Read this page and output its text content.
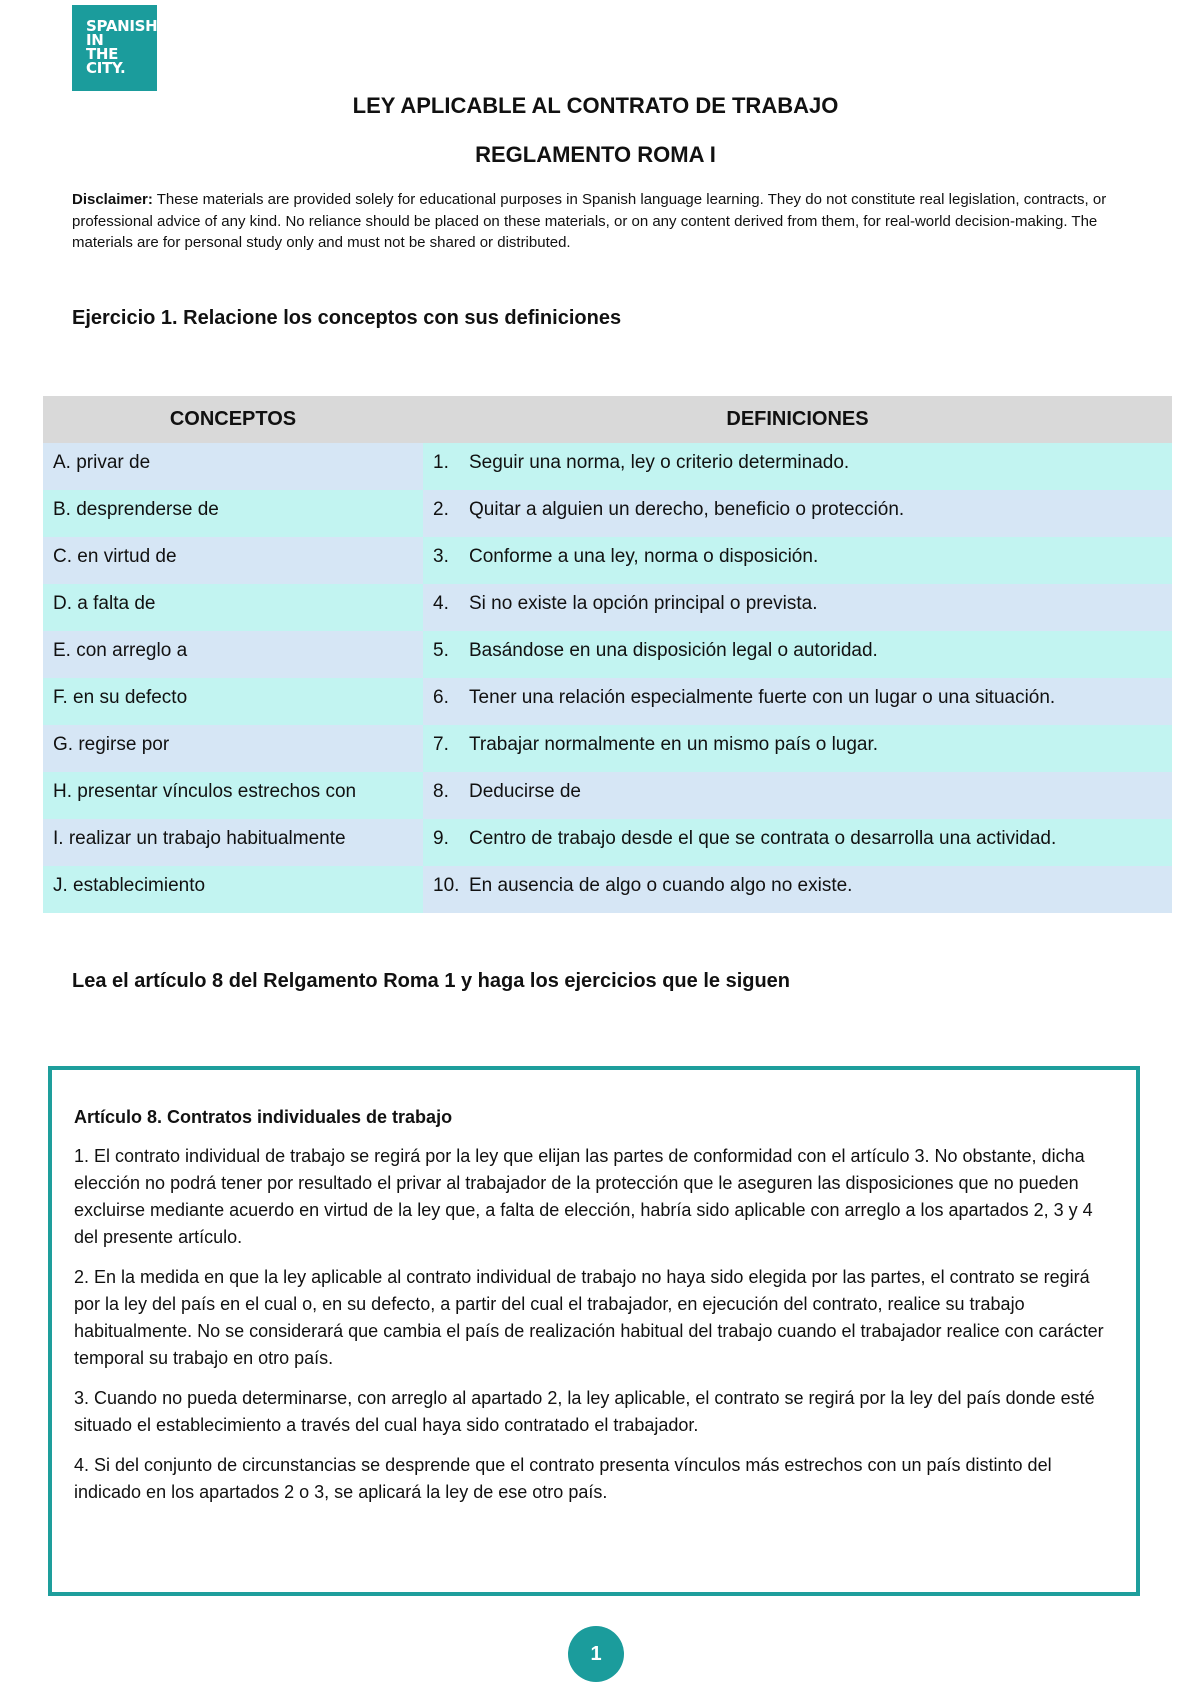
SPANISH
IN
THE
CITY.
LEY APLICABLE AL CONTRATO DE TRABAJO
REGLAMENTO ROMA I
Disclaimer: These materials are provided solely for educational purposes in Spanish language learning. They do not constitute real legislation, contracts, or professional advice of any kind. No reliance should be placed on these materials, or on any content derived from them, for real-world decision-making. The materials are for personal study only and must not be shared or distributed.
Ejercicio 1. Relacione los conceptos con sus definiciones
CONCEPTOS	DEFINICIONES
A. privar de	1. Seguir una norma, ley o criterio determinado.
B. desprenderse de	2. Quitar a alguien un derecho, beneficio o protección.
C. en virtud de	3. Conforme a una ley, norma o disposición.
D. a falta de	4. Si no existe la opción principal o prevista.
E. con arreglo a	5. Basándose en una disposición legal o autoridad.
F. en su defecto	6. Tener una relación especialmente fuerte con un lugar o una situación.
G. regirse por	7. Trabajar normalmente en un mismo país o lugar.
H. presentar vínculos estrechos con	8. Deducirse de
I. realizar un trabajo habitualmente	9. Centro de trabajo desde el que se contrata o desarrolla una actividad.
J. establecimiento	10. En ausencia de algo o cuando algo no existe.
Lea el artículo 8 del Relgamento Roma 1 y haga los ejercicios que le siguen
Artículo 8. Contratos individuales de trabajo

1. El contrato individual de trabajo se regirá por la ley que elijan las partes de conformidad con el artículo 3. No obstante, dicha elección no podrá tener por resultado el privar al trabajador de la protección que le aseguren las disposiciones que no pueden excluirse mediante acuerdo en virtud de la ley que, a falta de elección, habría sido aplicable con arreglo a los apartados 2, 3 y 4 del presente artículo.

2. En la medida en que la ley aplicable al contrato individual de trabajo no haya sido elegida por las partes, el contrato se regirá por la ley del país en el cual o, en su defecto, a partir del cual el trabajador, en ejecución del contrato, realice su trabajo habitualmente. No se considerará que cambia el país de realización habitual del trabajo cuando el trabajador realice con carácter temporal su trabajo en otro país.

3. Cuando no pueda determinarse, con arreglo al apartado 2, la ley aplicable, el contrato se regirá por la ley del país donde esté situado el establecimiento a través del cual haya sido contratado el trabajador.

4. Si del conjunto de circunstancias se desprende que el contrato presenta vínculos más estrechos con un país distinto del indicado en los apartados 2 o 3, se aplicará la ley de ese otro país.

1
